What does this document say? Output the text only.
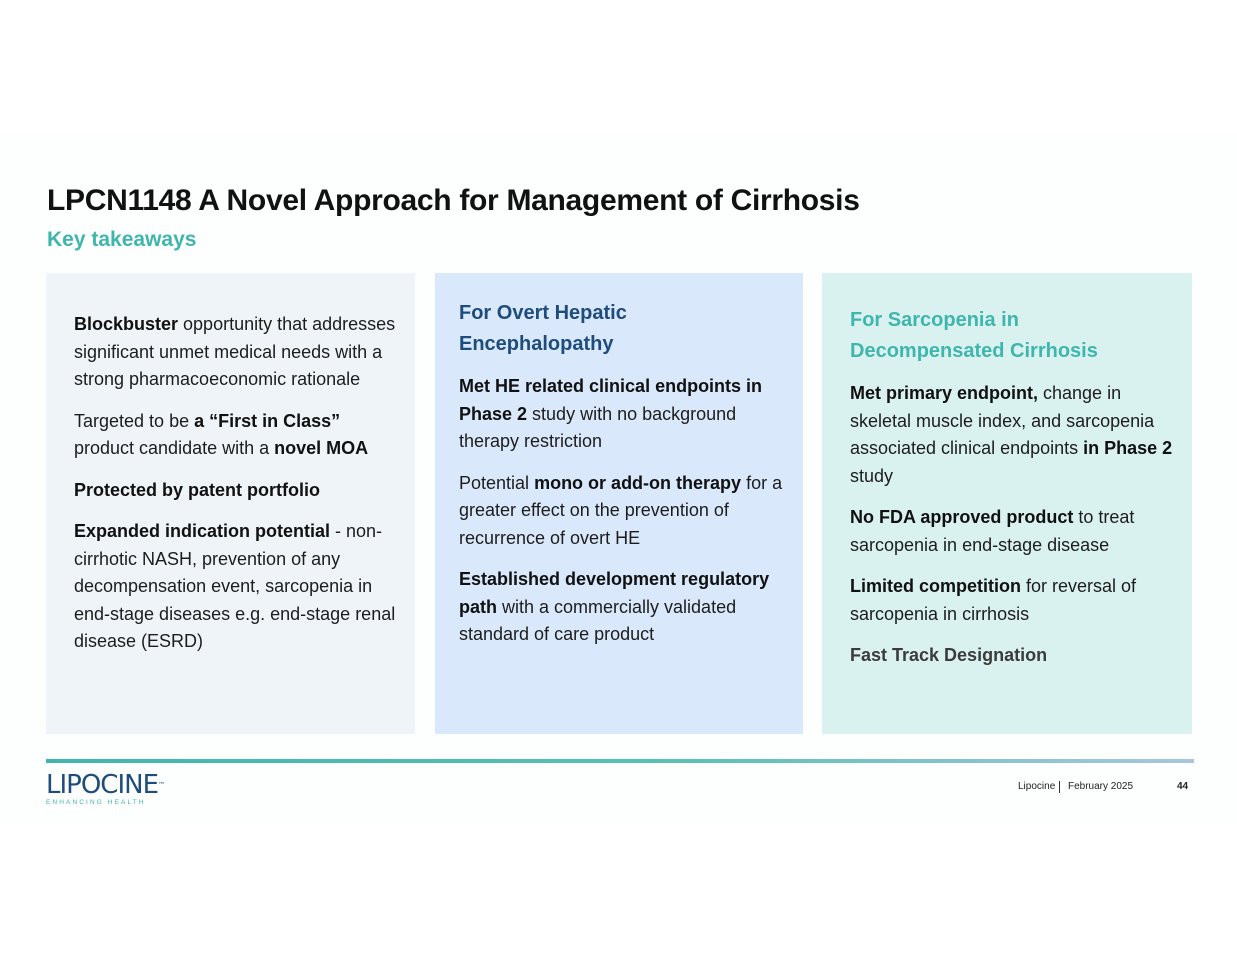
LPCN1148 A Novel Approach for Management of Cirrhosis
Key takeaways

Blockbuster opportunity that addresses significant unmet medical needs with a strong pharmacoeconomic rationale

Targeted to be a “First in Class” product candidate with a novel MOA

Protected by patent portfolio

Expanded indication potential - non-cirrhotic NASH, prevention of any decompensation event, sarcopenia in end-stage diseases e.g. end-stage renal disease (ESRD)

For Overt Hepatic Encephalopathy

Met HE related clinical endpoints in Phase 2 study with no background therapy restriction

Potential mono or add-on therapy for a greater effect on the prevention of recurrence of overt HE

Established development regulatory path with a commercially validated standard of care product

For Sarcopenia in Decompensated Cirrhosis

Met primary endpoint, change in skeletal muscle index, and sarcopenia associated clinical endpoints in Phase 2 study

No FDA approved product to treat sarcopenia in end-stage disease

Limited competition for reversal of sarcopenia in cirrhosis

Fast Track Designation

LIPOCINE™
ENHANCING HEALTH
Lipocine	February 2025	44
